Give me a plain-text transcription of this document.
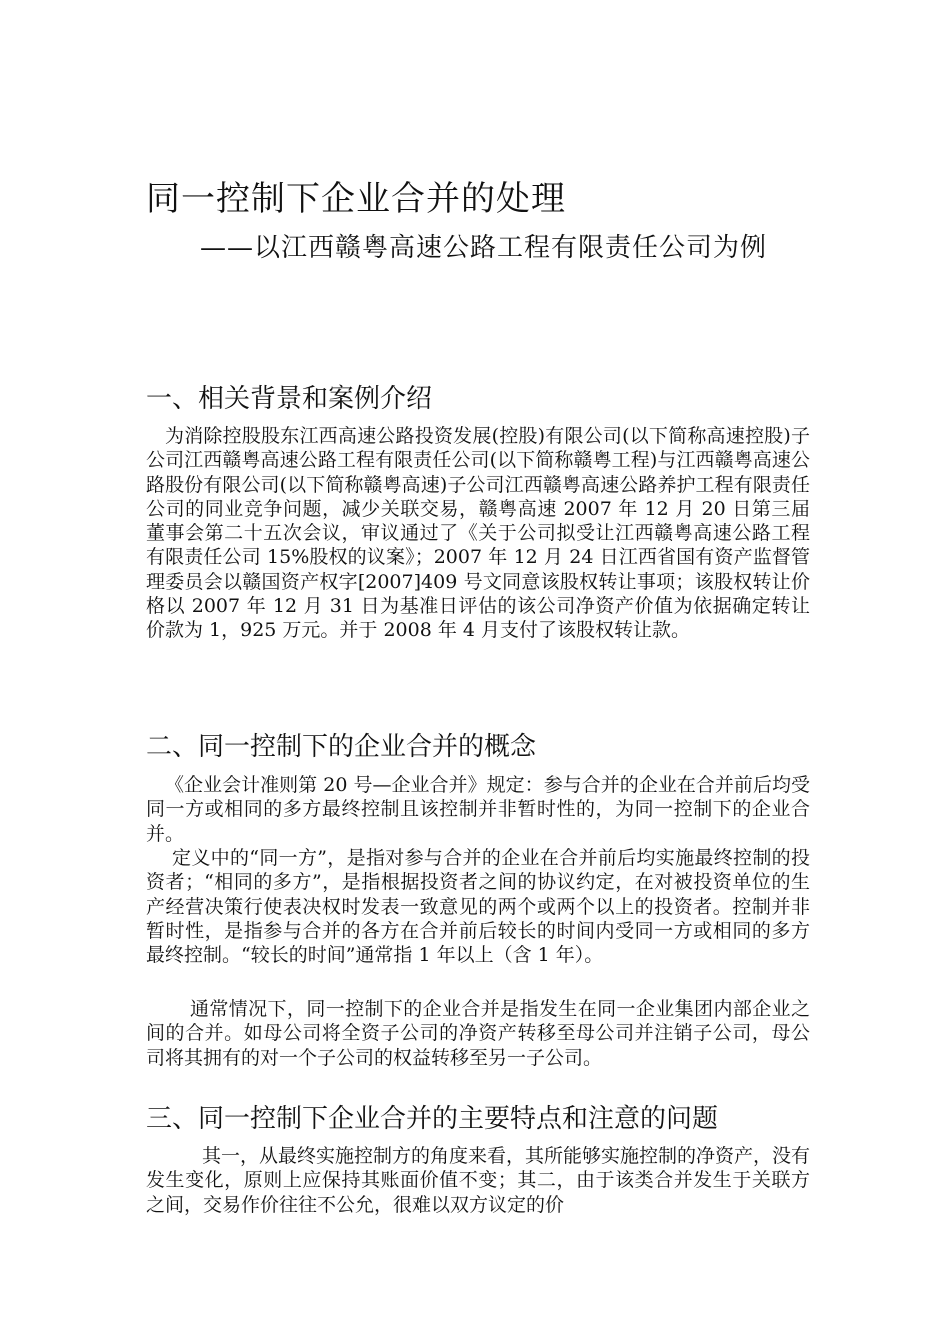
同一控制下企业合并的处理
——以江西赣粤高速公路工程有限责任公司为例
一、相关背景和案例介绍
为消除控股股东江西高速公路投资发展(控股)有限公司(以下简称高速控股)子公司江西赣粤高速公路工程有限责任公司(以下简称赣粤工程)与江西赣粤高速公路股份有限公司(以下简称赣粤高速)子公司江西赣粤高速公路养护工程有限责任公司的同业竞争问题，减少关联交易，赣粤高速 2007 年 12 月 20 日第三届董事会第二十五次会议，审议通过了《关于公司拟受让江西赣粤高速公路工程有限责任公司 15%股权的议案》；2007 年 12 月 24 日江西省国有资产监督管理委员会以赣国资产权字[2007]409 号文同意该股权转让事项；该股权转让价格以 2007 年 12 月 31 日为基准日评估的该公司净资产价值为依据确定转让价款为 1，925 万元。并于 2008 年 4 月支付了该股权转让款。
二、同一控制下的企业合并的概念
《企业会计准则第 20 号—企业合并》规定：参与合并的企业在合并前后均受同一方或相同的多方最终控制且该控制并非暂时性的，为同一控制下的企业合并。
定义中的“同一方”，是指对参与合并的企业在合并前后均实施最终控制的投资者；“相同的多方”，是指根据投资者之间的协议约定，在对被投资单位的生产经营决策行使表决权时发表一致意见的两个或两个以上的投资者。控制并非暂时性，是指参与合并的各方在合并前后较长的时间内受同一方或相同的多方最终控制。“较长的时间”通常指 1 年以上（含 1 年）。
通常情况下，同一控制下的企业合并是指发生在同一企业集团内部企业之间的合并。如母公司将全资子公司的净资产转移至母公司并注销子公司，母公司将其拥有的对一个子公司的权益转移至另一子公司。
三、同一控制下企业合并的主要特点和注意的问题
其一，从最终实施控制方的角度来看，其所能够实施控制的净资产，没有发生变化，原则上应保持其账面价值不变；其二，由于该类合并发生于关联方之间，交易作价往往不公允，很难以双方议定的价
